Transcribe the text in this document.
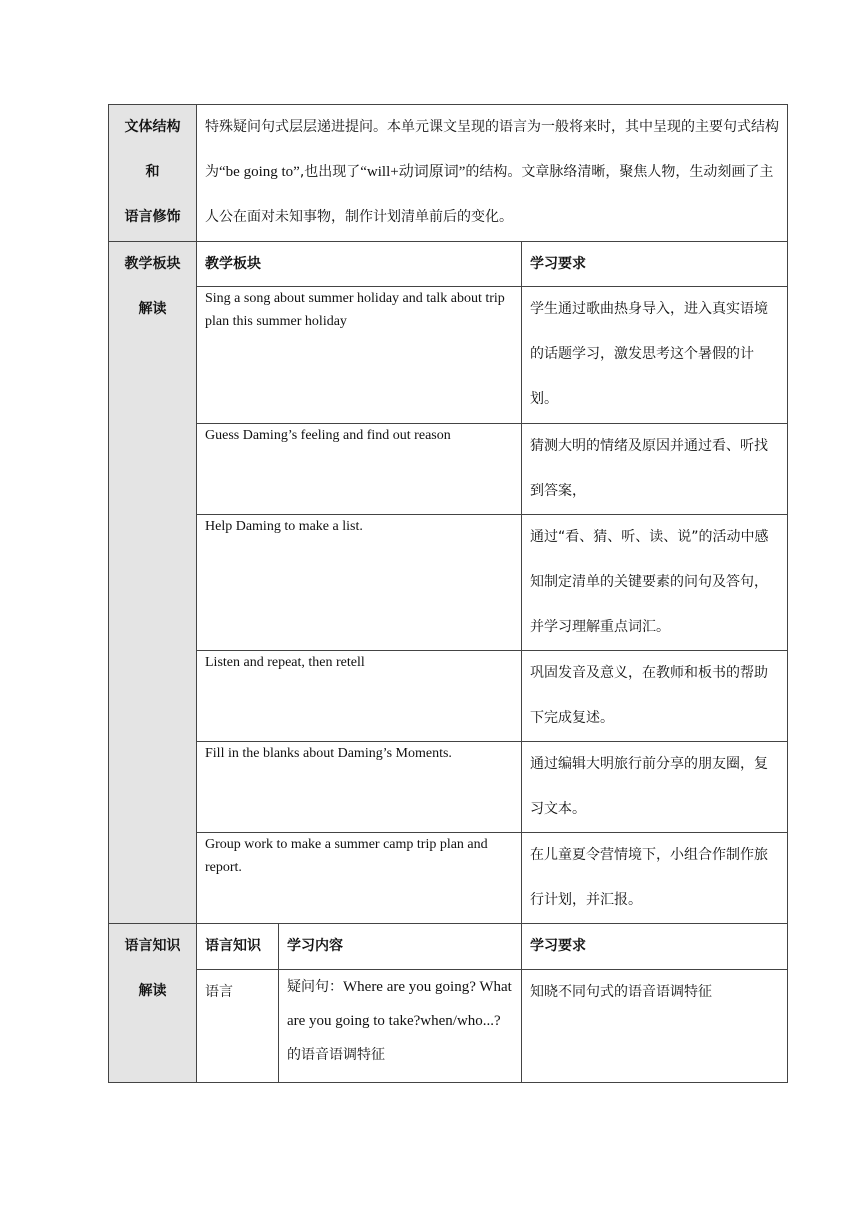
文体结构
和
语言修饰	特殊疑问句式层层递进提问。本单元课文呈现的语言为一般将来时，其中呈现的主要句式结构为“be going to”,也出现了“will+动词原词”的结构。文章脉络清晰，聚焦人物，生动刻画了主人公在面对未知事物，制作计划清单前后的变化。		

教学板块
解读	教学板块		学习要求
	Sing a song about summer holiday and talk about trip plan this summer holiday		学生通过歌曲热身导入，进入真实语境的话题学习，激发思考这个暑假的计划。
	Guess Daming’s feeling and find out reason		猜测大明的情绪及原因并通过看、听找到答案，
	Help Daming to make a list.		通过“看、猜、听、读、说”的活动中感知制定清单的关键要素的问句及答句，并学习理解重点词汇。
	Listen and repeat, then retell		巩固发音及意义，在教师和板书的帮助下完成复述。
	Fill in the blanks about Daming’s Moments.		通过编辑大明旅行前分享的朋友圈，复习文本。
	Group work to make a summer camp trip plan and report.		在儿童夏令营情境下，小组合作制作旅行计划，并汇报。

语言知识
解读	语言知识	学习内容	学习要求
	语言	疑问句：Where are you going? What are you going to take?when/who...?的语音语调特征	知晓不同句式的语音语调特征
